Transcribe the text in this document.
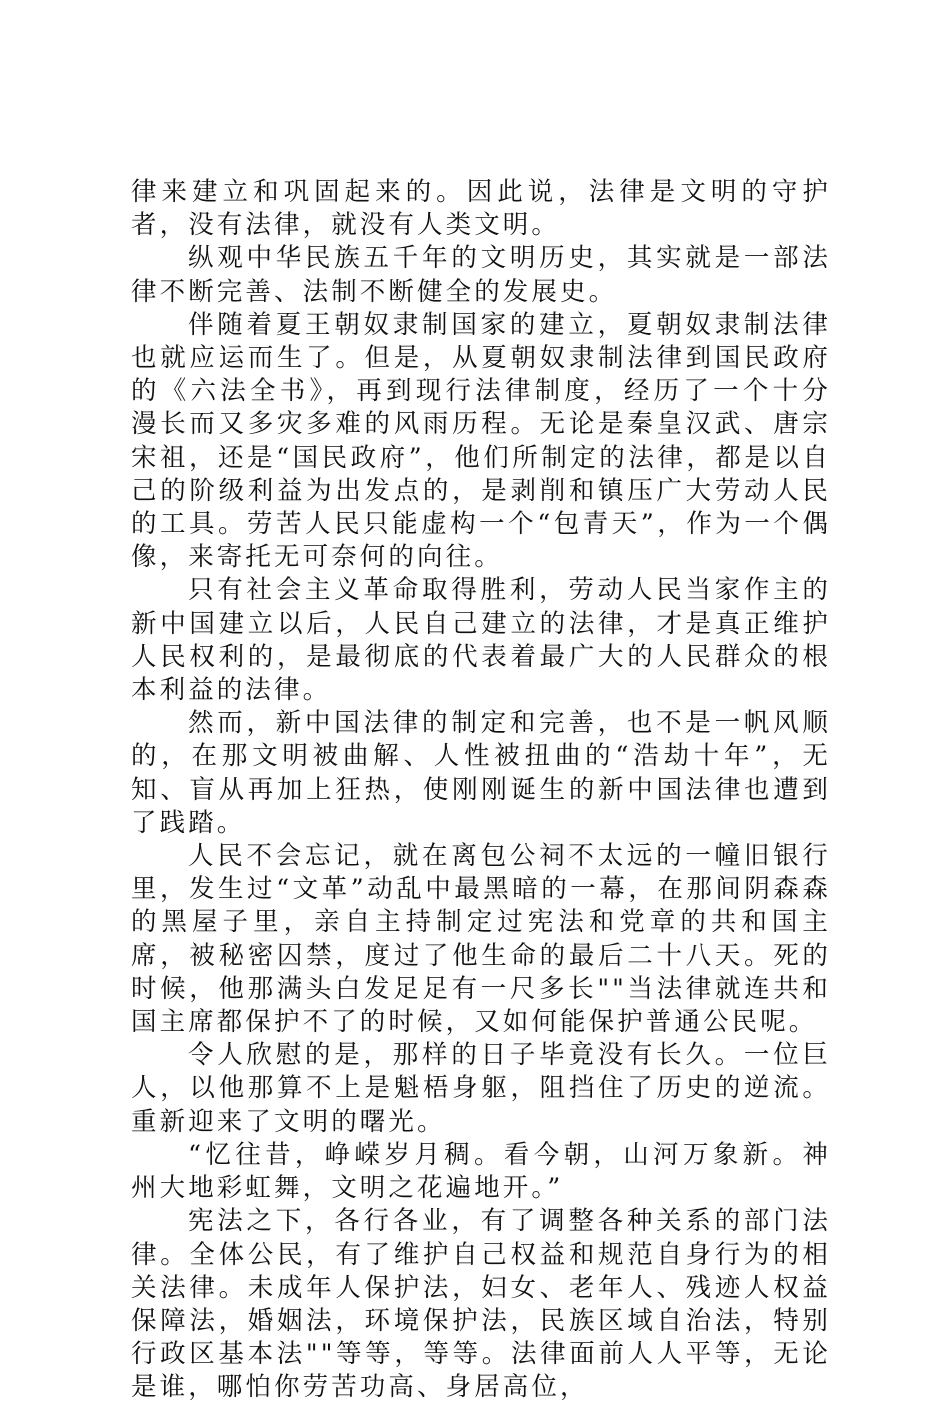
律来建立和巩固起来的。因此说，法律是文明的守护者，没有法律，就没有人类文明。

纵观中华民族五千年的文明历史，其实就是一部法律不断完善、法制不断健全的发展史。

伴随着夏王朝奴隶制国家的建立，夏朝奴隶制法律也就应运而生了。但是，从夏朝奴隶制法律到国民政府的《六法全书》，再到现行法律制度，经历了一个十分漫长而又多灾多难的风雨历程。无论是秦皇汉武、唐宗宋祖，还是“国民政府”，他们所制定的法律，都是以自己的阶级利益为出发点的，是剥削和镇压广大劳动人民的工具。劳苦人民只能虚构一个“包青天”，作为一个偶像，来寄托无可奈何的向往。

只有社会主义革命取得胜利，劳动人民当家作主的新中国建立以后，人民自己建立的法律，才是真正维护人民权利的，是最彻底的代表着最广大的人民群众的根本利益的法律。

然而，新中国法律的制定和完善，也不是一帆风顺的，在那文明被曲解、人性被扭曲的“浩劫十年”，无知、盲从再加上狂热，使刚刚诞生的新中国法律也遭到了践踏。

人民不会忘记，就在离包公祠不太远的一幢旧银行里，发生过“文革”动乱中最黑暗的一幕，在那间阴森森的黑屋子里，亲自主持制定过宪法和党章的共和国主席，被秘密囚禁，度过了他生命的最后二十八天。死的时候，他那满头白发足足有一尺多长""当法律就连共和国主席都保护不了的时候，又如何能保护普通公民呢。

令人欣慰的是，那样的日子毕竟没有长久。一位巨人，以他那算不上是魁梧身躯，阻挡住了历史的逆流。重新迎来了文明的曙光。

“忆往昔，峥嵘岁月稠。看今朝，山河万象新。神州大地彩虹舞，文明之花遍地开。”

宪法之下，各行各业，有了调整各种关系的部门法律。全体公民，有了维护自己权益和规范自身行为的相关法律。未成年人保护法，妇女、老年人、残迹人权益保障法，婚姻法，环境保护法，民族区域自治法，特别行政区基本法""等等，等等。法律面前人人平等，无论是谁，哪怕你劳苦功高、身居高位，
